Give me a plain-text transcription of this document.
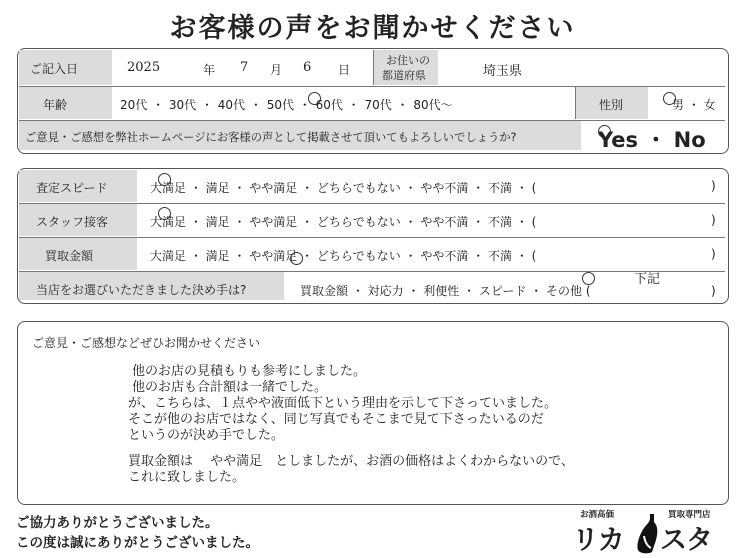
お客様の声をお聞かせください
ご記入日	2025	年 7 月 6 日
お住いの
都道府県	埼玉県
年齢	20代 ・ 30代 ・ 40代 ・ 50代 ・ 60代 ・ 70代 ・ 80代～	性別	男 ・ 女
ご意見・ご感想を弊社ホームページにお客様の声として掲載させて頂いてもよろしいでしょうか?	Yes ・ No
査定スピード	大満足 ・ 満足 ・ やや満足 ・ どちらでもない ・ やや不満 ・ 不満 ・ (	)
スタッフ接客	大満足 ・ 満足 ・ やや満足 ・ どちらでもない ・ やや不満 ・ 不満 ・ (	)
買取金額	大満足 ・ 満足 ・ やや満足 ・ どちらでもない ・ やや不満 ・ 不満 ・ (	)
当店をお選びいただきました決め手は?	買取金額 ・ 対応力 ・ 利便性 ・ スピード ・ その他 (	)
下記
ご意見・ご感想などぜひお聞かせください
他のお店の見積もりも参考にしました。
他のお店も合計額は一緒でした。
が、こちらは、１点やや液面低下という理由を示して下さっていました。
そこが他のお店ではなく、同じ写真でもそこまで見て下さったいるのだ
というのが決め手でした。
買取金額は　 やや満足　としましたが、お酒の価格はよくわからないので、
これに致しました。
ご協力ありがとうございました。
この度は誠にありがとうございました。
お酒高価	買取専門店
リカ スタ
